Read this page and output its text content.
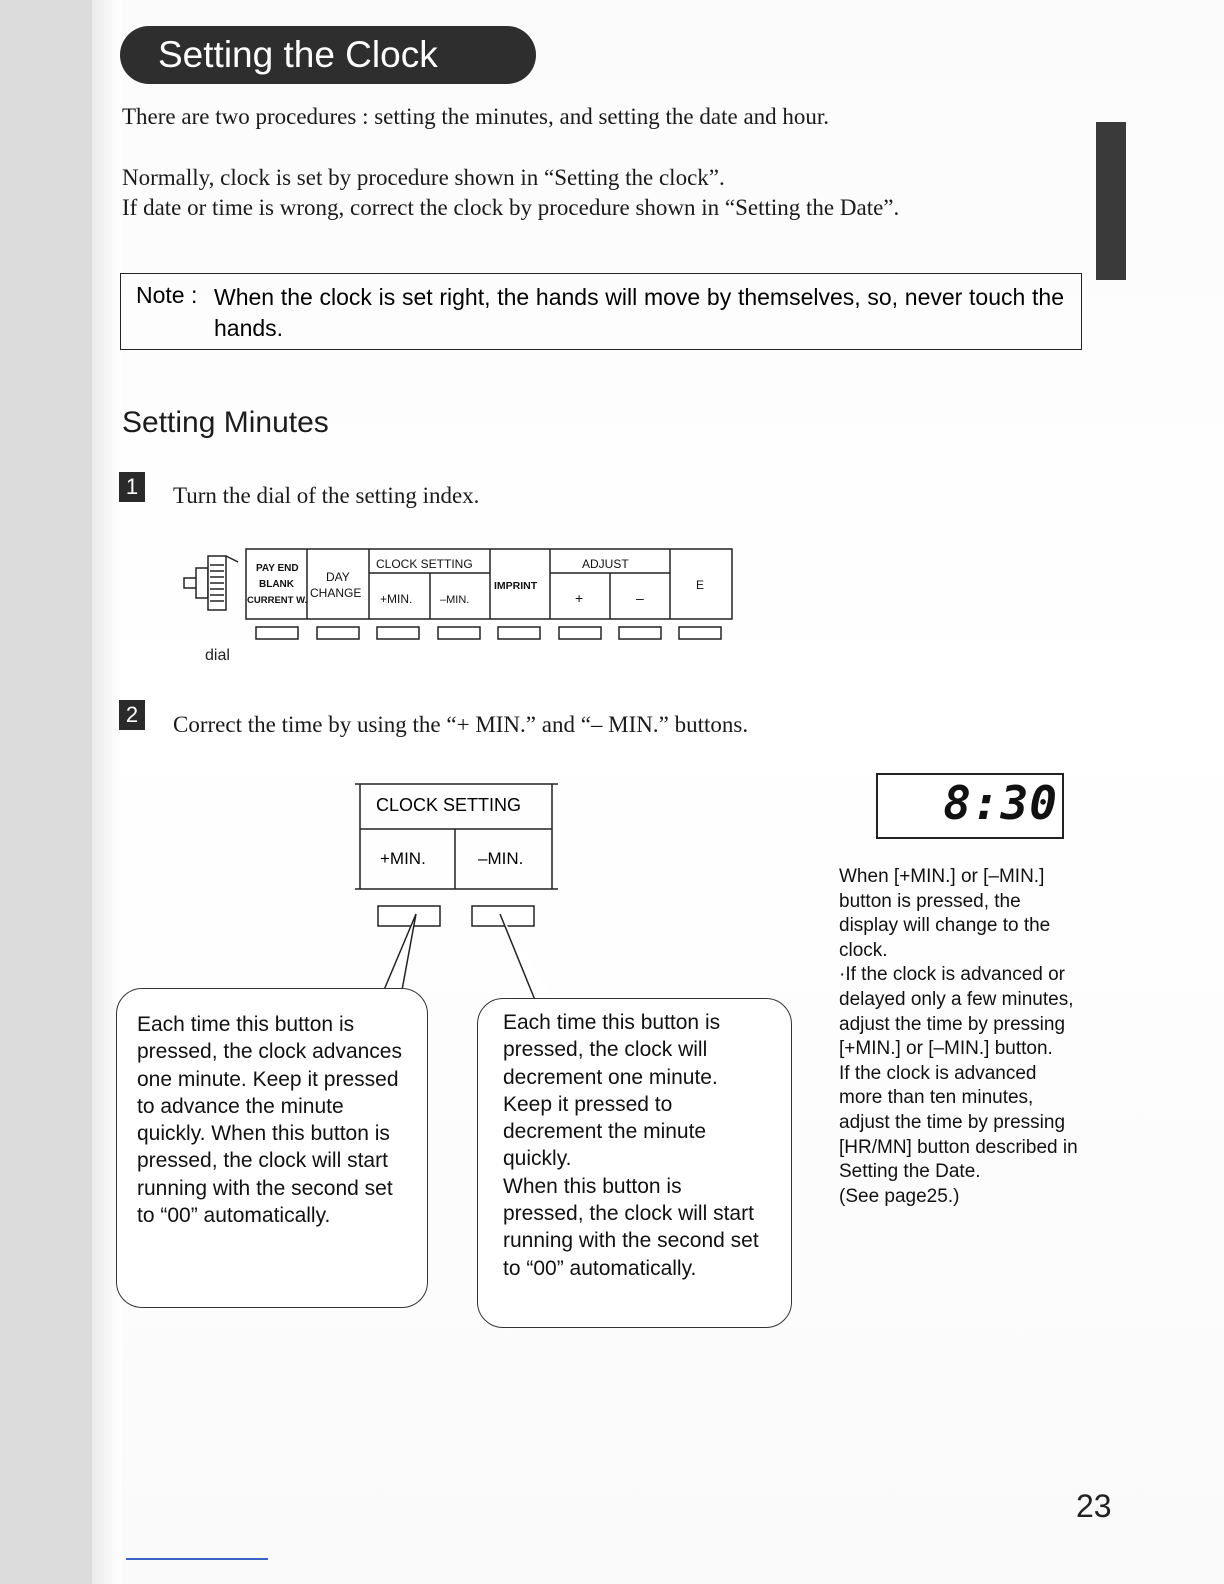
Setting the Clock
There are two procedures : setting the minutes, and setting the date and hour.
Normally, clock is set by procedure shown in “Setting the clock”.
If date or time is wrong, correct the clock by procedure shown in “Setting the Date”.
Note : When the clock is set right, the hands will move by themselves, so, never touch the hands.
Setting Minutes
1 Turn the dial of the setting index.
PAY END
BLANK
CURRENT W.
DAY
CHANGE
CLOCK SETTING
+MIN.	–MIN.
IMPRINT
ADJUST
+	–
E
dial
2 Correct the time by using the “+ MIN.” and “– MIN.” buttons.
CLOCK SETTING
+MIN.	–MIN.
Each time this button is pressed, the clock advances one minute. Keep it pressed to advance the minute quickly. When this button is pressed, the clock will start running with the second set to “00” automatically.
Each time this button is pressed, the clock will decrement one minute. Keep it pressed to decrement the minute quickly.
When this button is pressed, the clock will start running with the second set to “00” automatically.
8:30
When [+MIN.] or [–MIN.] button is pressed, the display will change to the clock.
·If the clock is advanced or delayed only a few minutes, adjust the time by pressing [+MIN.] or [–MIN.] button.
If the clock is advanced more than ten minutes, adjust the time by pressing [HR/MN] button described in Setting the Date.
(See page25.)
23
